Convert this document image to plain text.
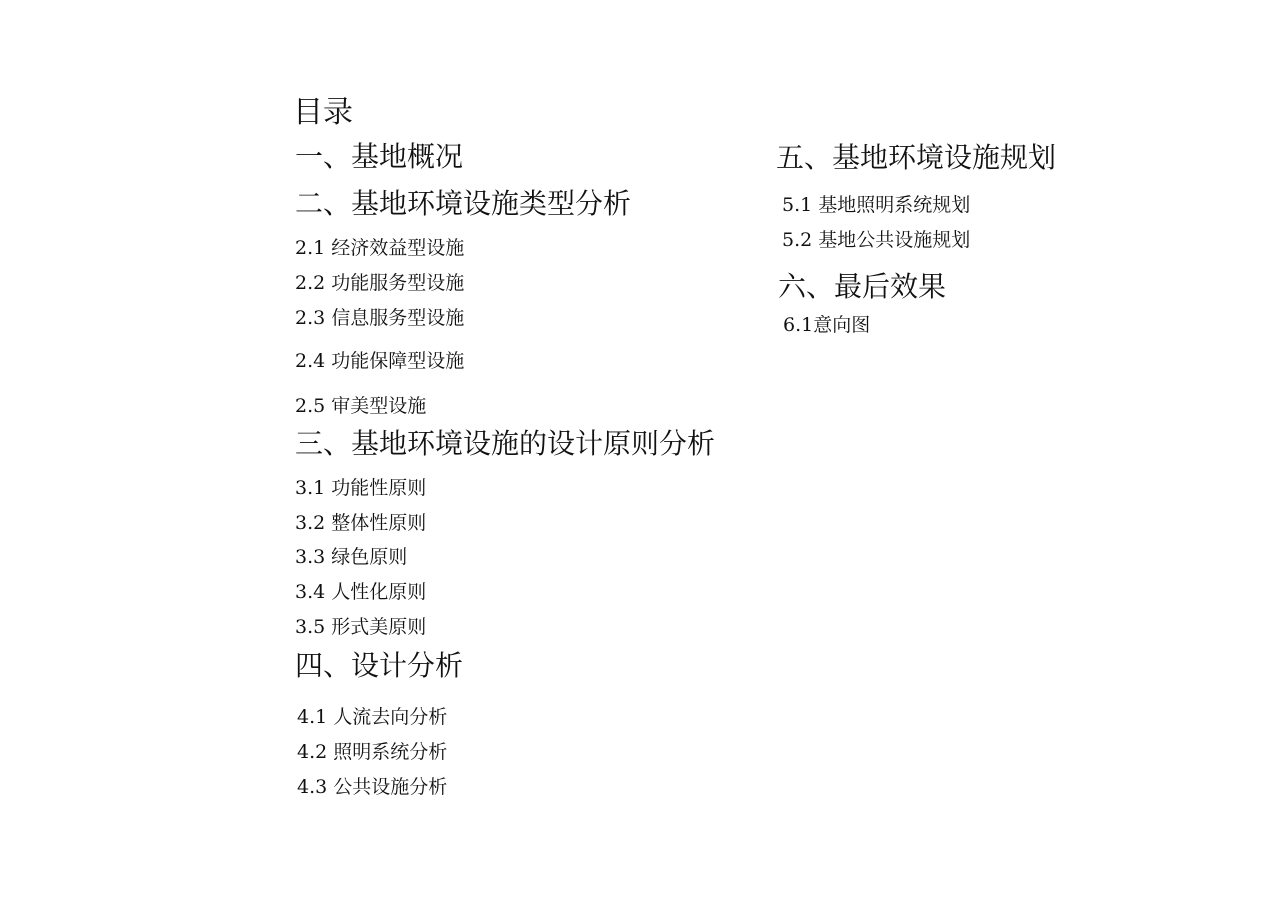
目录
一、基地概况
二、基地环境设施类型分析
2.1 经济效益型设施
2.2 功能服务型设施
2.3 信息服务型设施
2.4 功能保障型设施
2.5 审美型设施
三、基地环境设施的设计原则分析
3.1 功能性原则
3.2 整体性原则
3.3 绿色原则
3.4 人性化原则
3.5 形式美原则
四、设计分析
4.1 人流去向分析
4.2 照明系统分析
4.3 公共设施分析
五、基地环境设施规划
5.1 基地照明系统规划
5.2 基地公共设施规划
六、最后效果
6.1意向图
